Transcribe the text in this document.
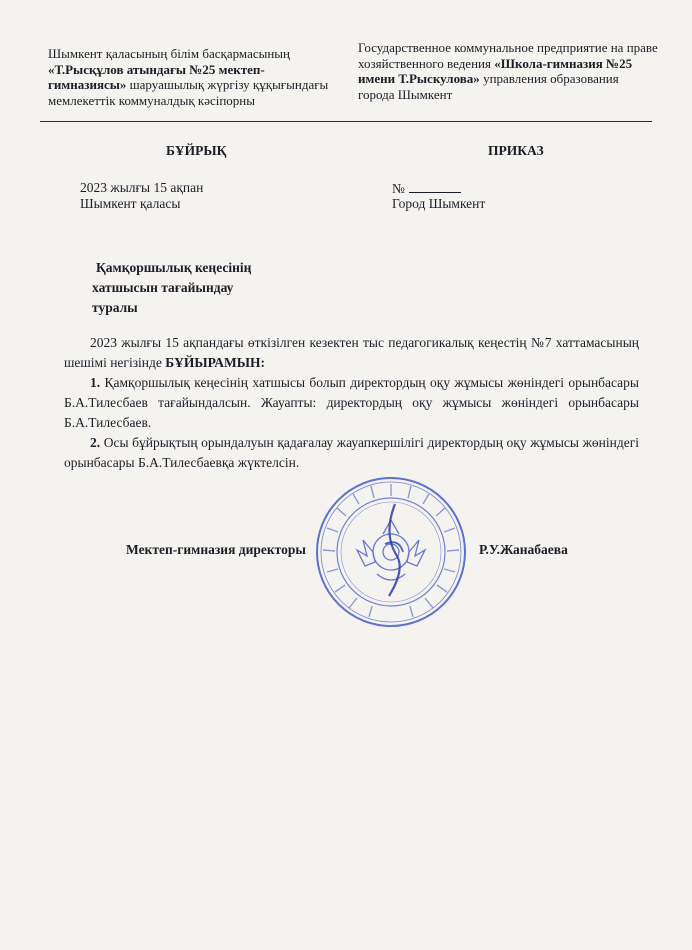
Шымкент қаласының білім басқармасының
«Т.Рысқұлов атындағы №25 мектеп-гимназиясы» шаруашылық жүргізу құқығындағы мемлекеттік коммуналдық кәсіпорны
Государственное коммунальное предприятие на праве хозяйственного ведения «Школа-гимназия №25 имени Т.Рыскулова» управления образования города Шымкент
БҰЙРЫҚ	ПРИКАЗ
2023 жылғы 15 ақпан
Шымкент қаласы
№
Город Шымкент
Қамқоршылық кеңесінің
хатшысын тағайындау
туралы

2023 жылғы 15 ақпандағы өткізілген кезектен тыс педагогикалық кеңестің №7 хаттамасының шешімі негізінде БҰЙЫРАМЫН:

1. Қамқоршылық кеңесінің хатшысы болып директордың оқу жұмысы жөніндегі орынбасары Б.А.Тилесбаев тағайындалсын. Жауапты: директордың оқу жұмысы жөніндегі орынбасары Б.А.Тилесбаев.

2. Осы бұйрықтың орындалуын қадағалау жауапкершілігі директордың оқу жұмысы жөніндегі орынбасары Б.А.Тилесбаевқа жүктелсін.

Мектеп-гимназия директоры	Р.У.Жанабаева
